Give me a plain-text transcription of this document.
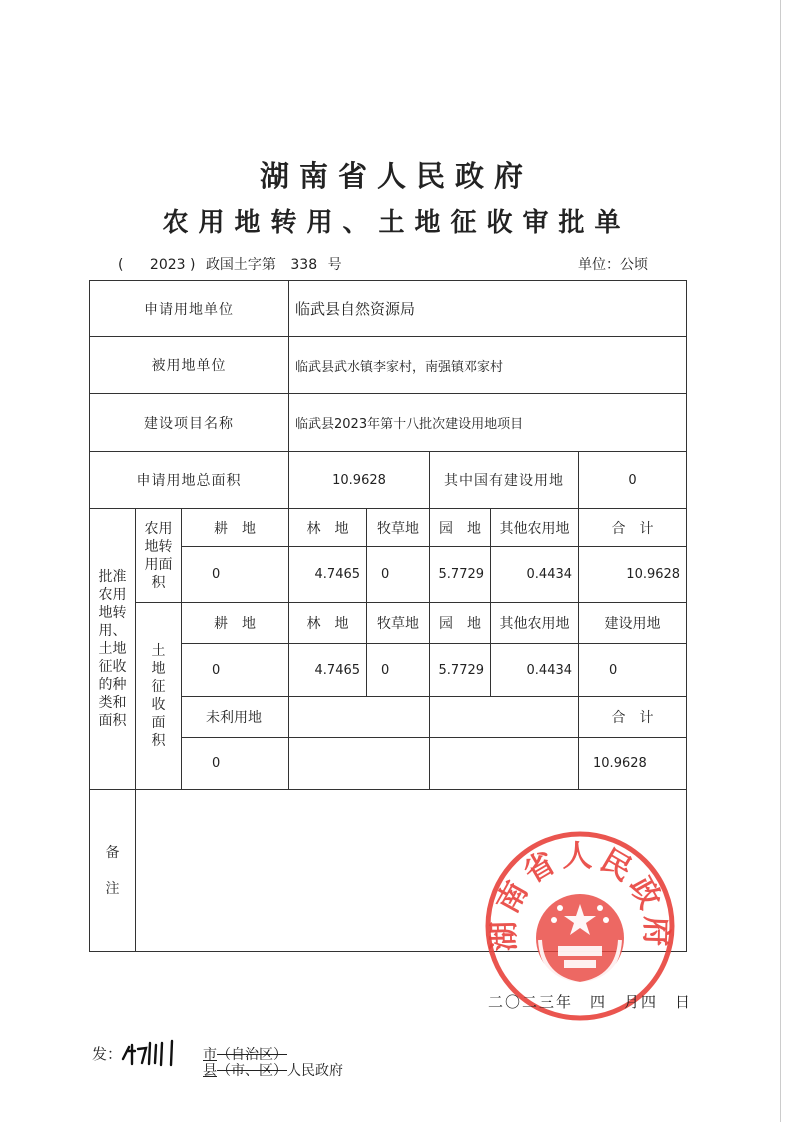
湖南省人民政府
农用地转用、土地征收审批单
( 2023 ) 政国土字第 338 号	单位：公顷
申请用地单位			临武县自然资源局				
被用地单位			临武县武水镇李家村，南强镇邓家村				
建设项目名称			临武县2023年第十八批次建设用地项目				
申请用地总面积			10.9628		其中国有建设用地		0

批准农用地转用、土地征收的种类和面积	农用地转用面积	耕　地	林　地	牧草地	园　地	其他农用地	合　计
		0	4.7465	0	5.7729	0.4434	10.9628

	土地征收面积	耕　地	林　地	牧草地	园　地	其他农用地	建设用地
		0	4.7465	0	5.7729	0.4434	0
		未利用地					合　计
		0					10.9628

备注							

湖南省人民政府
二〇二三年　四　月四　日
发：	市（自治区）
县（市、区）人民政府
